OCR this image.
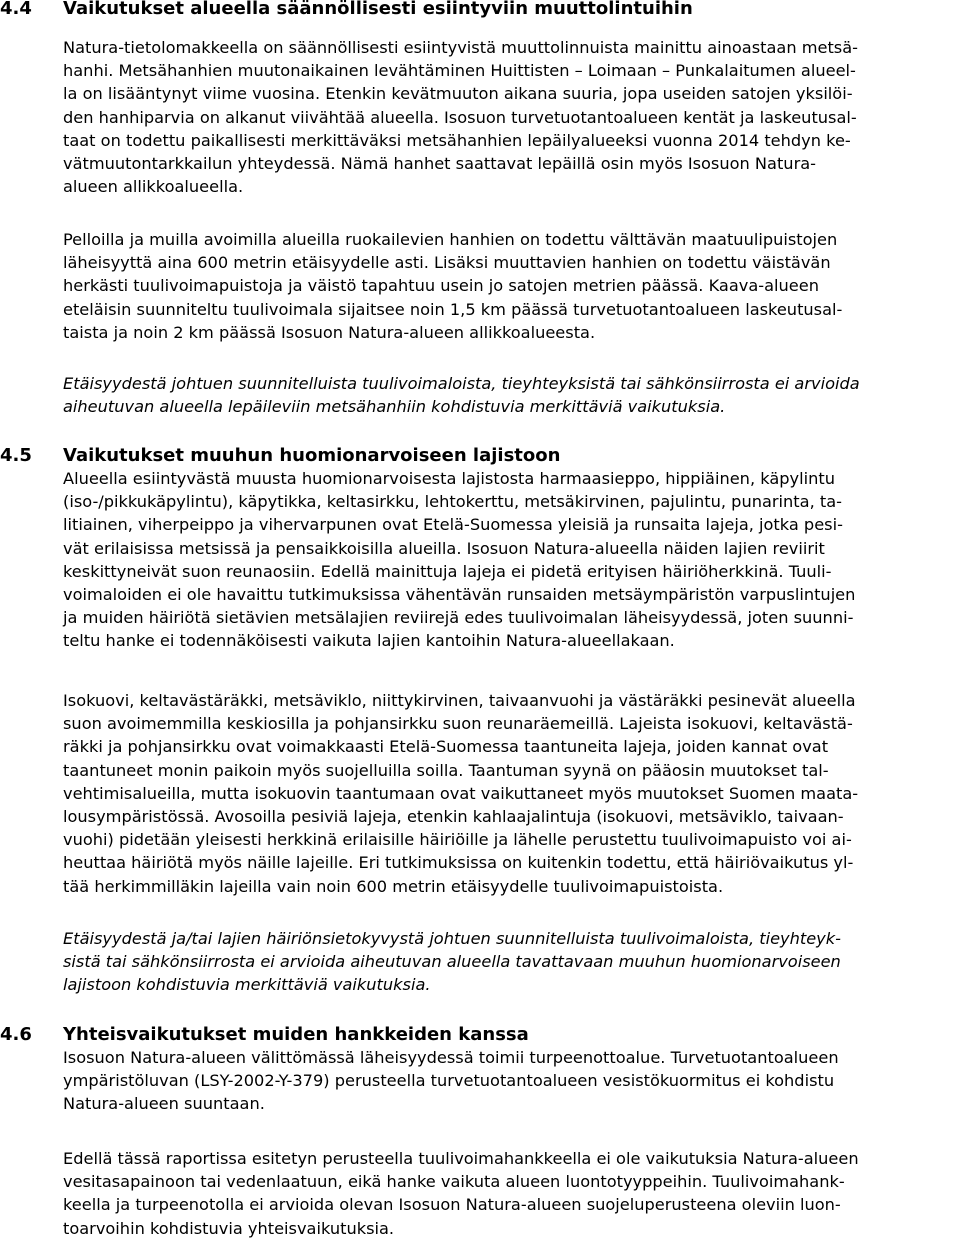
4.4 Vaikutukset alueella säännöllisesti esiintyviin muuttolintuihin
Natura-tietolomakkeella on säännöllisesti esiintyvistä muuttolinnuista mainittu ainoastaan metsä-
hanhi. Metsähanhien muutonaikainen levähtäminen Huittisten – Loimaan – Punkalaitumen alueel-
la on lisääntynyt viime vuosina. Etenkin kevätmuuton aikana suuria, jopa useiden satojen yksilöi-
den hanhiparvia on alkanut viivähtää alueella. Isosuon turvetuotantoalueen kentät ja laskeutusal-
taat on todettu paikallisesti merkittäväksi metsähanhien lepäilyalueeksi vuonna 2014 tehdyn ke-
vätmuutontarkkailun yhteydessä. Nämä hanhet saattavat lepäillä osin myös Isosuon Natura-
alueen allikkoalueella.
Pelloilla ja muilla avoimilla alueilla ruokailevien hanhien on todettu välttävän maatuulipuistojen
läheisyyttä aina 600 metrin etäisyydelle asti. Lisäksi muuttavien hanhien on todettu väistävän
herkästi tuulivoimapuistoja ja väistö tapahtuu usein jo satojen metrien päässä. Kaava-alueen
eteläisin suunniteltu tuulivoimala sijaitsee noin 1,5 km päässä turvetuotantoalueen laskeutusal-
taista ja noin 2 km päässä Isosuon Natura-alueen allikkoalueesta.
Etäisyydestä johtuen suunnitelluista tuulivoimaloista, tieyhteyksistä tai sähkönsiirrosta ei arvioida
aiheutuvan alueella lepäileviin metsähanhiin kohdistuvia merkittäviä vaikutuksia.
4.5 Vaikutukset muuhun huomionarvoiseen lajistoon
Alueella esiintyvästä muusta huomionarvoisesta lajistosta harmaasieppo, hippiäinen, käpylintu
(iso-/pikkukäpylintu), käpytikka, keltasirkku, lehtokerttu, metsäkirvinen, pajulintu, punarinta, ta-
litiainen, viherpeippo ja vihervarpunen ovat Etelä-Suomessa yleisiä ja runsaita lajeja, jotka pesi-
vät erilaisissa metsissä ja pensaikkoisilla alueilla. Isosuon Natura-alueella näiden lajien reviirit
keskittyneivät suon reunaosiin. Edellä mainittuja lajeja ei pidetä erityisen häiriöherkkinä. Tuuli-
voimaloiden ei ole havaittu tutkimuksissa vähentävän runsaiden metsäympäristön varpuslintujen
ja muiden häiriötä sietävien metsälajien reviirejä edes tuulivoimalan läheisyydessä, joten suunni-
teltu hanke ei todennäköisesti vaikuta lajien kantoihin Natura-alueellakaan.
Isokuovi, keltavästäräkki, metsäviklo, niittykirvinen, taivaanvuohi ja västäräkki pesinevät alueella
suon avoimemmilla keskiosilla ja pohjansirkku suon reunaräemeillä. Lajeista isokuovi, keltavästä-
räkki ja pohjansirkku ovat voimakkaasti Etelä-Suomessa taantuneita lajeja, joiden kannat ovat
taantuneet monin paikoin myös suojelluilla soilla. Taantuman syynä on pääosin muutokset tal-
vehtimisalueilla, mutta isokuovin taantumaan ovat vaikuttaneet myös muutokset Suomen maata-
lousympäristössä. Avosoilla pesiviä lajeja, etenkin kahlaajalintuja (isokuovi, metsäviklo, taivaan-
vuohi) pidetään yleisesti herkkinä erilaisille häiriöille ja lähelle perustettu tuulivoimapuisto voi ai-
heuttaa häiriötä myös näille lajeille. Eri tutkimuksissa on kuitenkin todettu, että häiriövaikutus yl-
tää herkimmilläkin lajeilla vain noin 600 metrin etäisyydelle tuulivoimapuistoista.
Etäisyydestä ja/tai lajien häiriönsietokyvystä johtuen suunnitelluista tuulivoimaloista, tieyhteyk-
sistä tai sähkönsiirrosta ei arvioida aiheutuvan alueella tavattavaan muuhun huomionarvoiseen
lajistoon kohdistuvia merkittäviä vaikutuksia.
4.6 Yhteisvaikutukset muiden hankkeiden kanssa
Isosuon Natura-alueen välittömässä läheisyydessä toimii turpeenottoalue. Turvetuotantoalueen
ympäristöluvan (LSY-2002-Y-379) perusteella turvetuotantoalueen vesistökuormitus ei kohdistu
Natura-alueen suuntaan.
Edellä tässä raportissa esitetyn perusteella tuulivoimahankkeella ei ole vaikutuksia Natura-alueen
vesitasapainoon tai vedenlaatuun, eikä hanke vaikuta alueen luontotyyppeihin. Tuulivoimahank-
keella ja turpeenotolla ei arvioida olevan Isosuon Natura-alueen suojeluperusteena oleviin luon-
toarvoihin kohdistuvia yhteisvaikutuksia.
